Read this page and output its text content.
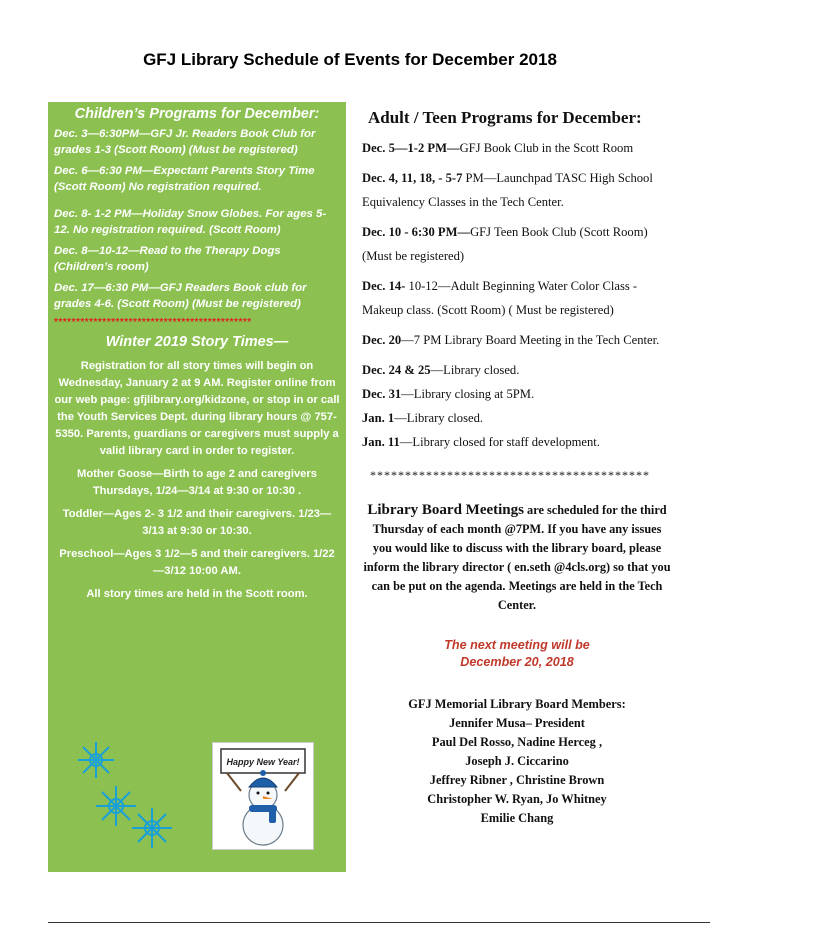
GFJ Library Schedule of Events for December 2018
Children’s Programs for December:

Dec. 3—6:30PM—GFJ Jr. Readers Book Club for grades 1-3 (Scott Room) (Must be registered)

Dec. 6—6:30 PM—Expectant Parents Story Time (Scott Room) No registration required.

Dec. 8- 1-2 PM—Holiday Snow Globes. For ages 5-12. No registration required. (Scott Room)

Dec. 8—10-12—Read to the Therapy Dogs (Children’s room)

Dec. 17—6:30 PM—GFJ Readers Book club for grades 4-6. (Scott Room) (Must be registered)

*********************************************
Winter 2019 Story Times—

Registration for all story times will begin on Wednesday, January 2 at 9 AM. Register online from our web page: gfjlibrary.org/kidzone, or stop in or call the Youth Services Dept. during library hours @ 757-5350. Parents, guardians or caregivers must supply a valid library card in order to register.

Mother Goose—Birth to age 2 and caregivers Thursdays, 1/24—3/14 at 9:30 or 10:30 .

Toddler—Ages 2- 3 1/2 and their caregivers. 1/23—3/13 at 9:30 or 10:30.

Preschool—Ages 3 1/2—5 and their caregivers. 1/22—3/12 10:00 AM.

All story times are held in the Scott room.

Happy New Year!
Adult / Teen Programs for December:

Dec. 5—1-2 PM—GFJ Book Club in the Scott Room

Dec. 4, 11, 18, - 5-7 PM—Launchpad TASC High School Equivalency Classes in the Tech Center.

Dec. 10 - 6:30 PM—GFJ Teen Book Club (Scott Room) (Must be registered)

Dec. 14- 10-12—Adult Beginning Water Color Class -Makeup class. (Scott Room) ( Must be registered)

Dec. 20—7 PM Library Board Meeting in the Tech Center.

Dec. 24 & 25—Library closed.

Dec. 31—Library closing at 5PM.

Jan. 1—Library closed.

Jan. 11—Library closed for staff development.

****************************************

Library Board Meetings are scheduled for the third Thursday of each month @7PM. If you have any issues you would like to discuss with the library board, please inform the library director ( en.seth @4cls.org) so that you can be put on the agenda. Meetings are held in the Tech Center.

The next meeting will be
December 20, 2018
GFJ Memorial Library Board Members:
Jennifer Musa– President
Paul Del Rosso, Nadine Herceg ,
Joseph J. Ciccarino
Jeffrey Ribner , Christine Brown
Christopher W. Ryan, Jo Whitney
Emilie Chang
